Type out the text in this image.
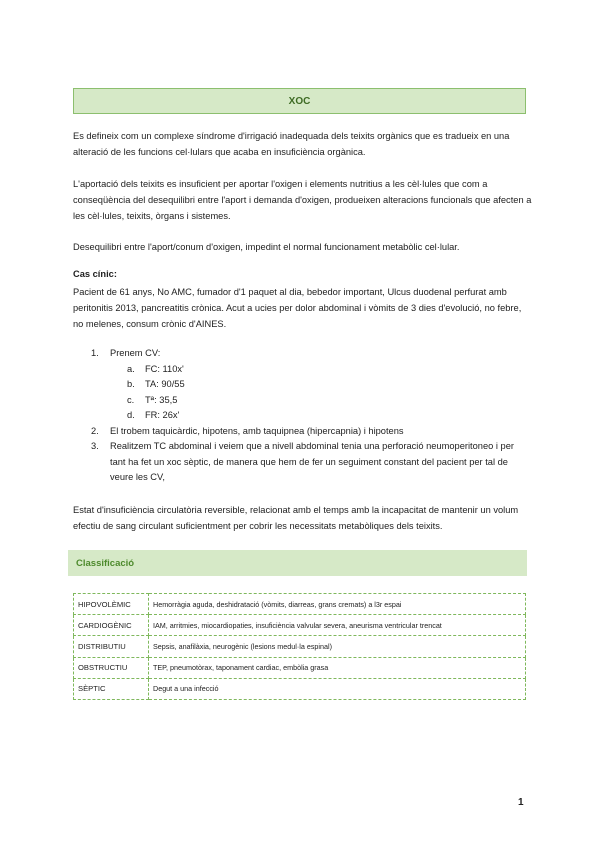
XOC
Es defineix com un complexe síndrome d'irrigació inadequada dels teixits orgànics que es tradueix en una alteració de les funcions cel·lulars que acaba en insuficiència orgànica.
L'aportació dels teixits es insuficient per aportar l'oxigen i elements nutritius a les cèl·lules que com a conseqüència del desequilibri entre l'aport i demanda d'oxigen, produeixen alteracions funcionals que afecten a les cèl·lules, teixits, òrgans i sistemes.
Desequilibri entre l'aport/conum d'oxigen, impedint el normal funcionament metabòlic cel·lular.
Cas cínic:
Pacient de 61 anys, No AMC, fumador d'1 paquet al dia, bebedor important, Ulcus duodenal perfurat amb peritonitis 2013, pancreatitis crònica. Acut a ucies per dolor abdominal i vòmits de 3 dies d'evolució, no febre, no melenes, consum crònic d'AINES.
1.	Prenem CV:
a.	FC: 110x'
b.	TA: 90/55
c.	Tª: 35,5
d.	FR: 26x'
2.	El trobem taquicàrdic, hipotens, amb taquipnea (hipercapnia) i hipotens
3.	Realitzem TC abdominal i veiem que a nivell abdominal tenia una perforació neumoperitoneo i per tant ha fet un xoc sèptic, de manera que hem de fer un seguiment constant del pacient per tal de veure les CV,
Estat d'insuficiència circulatòria reversible, relacionat amb el temps amb la incapacitat de mantenir un volum efectiu de sang circulant suficientment per cobrir les necessitats metabòliques dels teixits.
Classificació
HIPOVOLÈMIC	Hemorràgia aguda, deshidratació (vòmits, diarreas, grans cremats) a l3r espai
CARDIOGÈNIC	IAM, arritmies, miocardiopaties, insuficiència valvular severa, aneurisma ventricular trencat
DISTRIBUTIU	Sepsis, anafilàxia, neurogènic (lesions medul·la espinal)
OBSTRUCTIU	TEP, pneumotòrax, taponament cardiac, embòlia grasa
SÈPTIC	Degut a una infecció
1
